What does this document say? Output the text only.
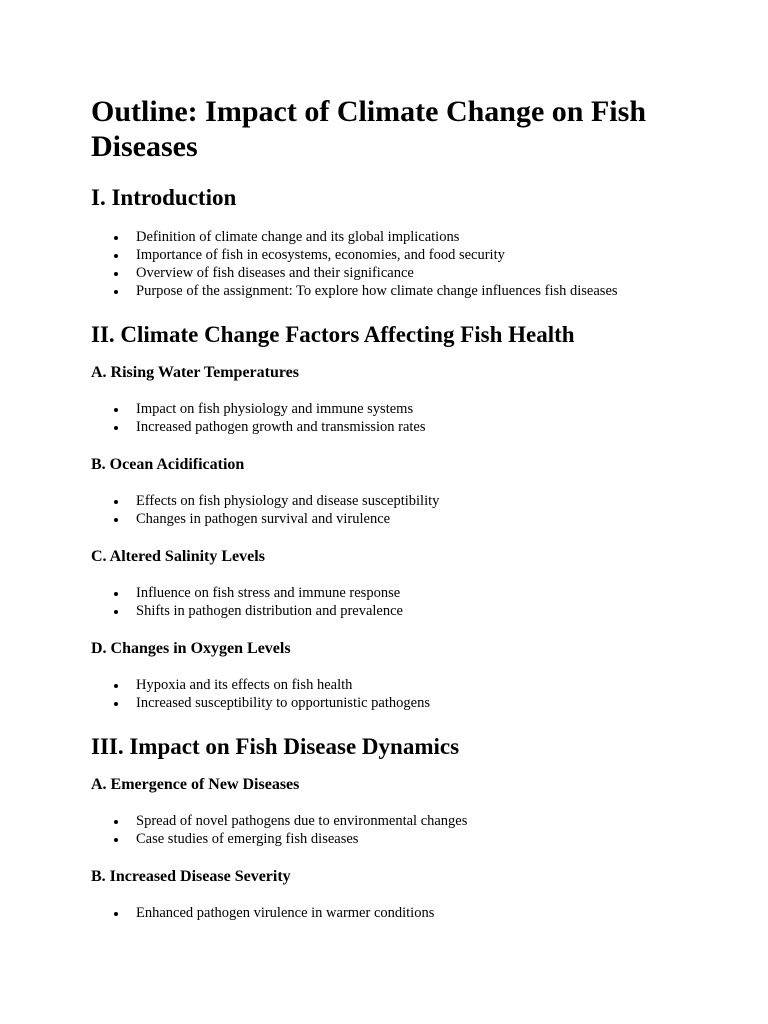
Outline: Impact of Climate Change on Fish Diseases
I. Introduction
Definition of climate change and its global implications
Importance of fish in ecosystems, economies, and food security
Overview of fish diseases and their significance
Purpose of the assignment: To explore how climate change influences fish diseases
II. Climate Change Factors Affecting Fish Health
A. Rising Water Temperatures
Impact on fish physiology and immune systems
Increased pathogen growth and transmission rates
B. Ocean Acidification
Effects on fish physiology and disease susceptibility
Changes in pathogen survival and virulence
C. Altered Salinity Levels
Influence on fish stress and immune response
Shifts in pathogen distribution and prevalence
D. Changes in Oxygen Levels
Hypoxia and its effects on fish health
Increased susceptibility to opportunistic pathogens
III. Impact on Fish Disease Dynamics
A. Emergence of New Diseases
Spread of novel pathogens due to environmental changes
Case studies of emerging fish diseases
B. Increased Disease Severity
Enhanced pathogen virulence in warmer conditions
